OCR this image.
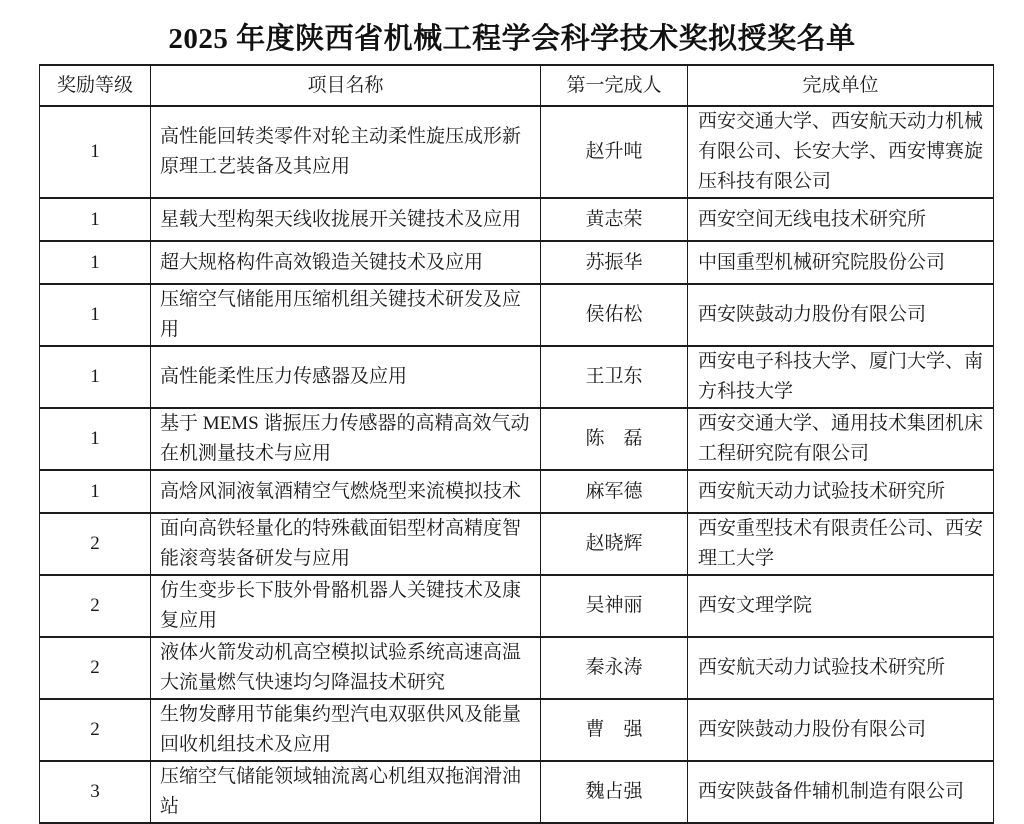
2025 年度陕西省机械工程学会科学技术奖拟授奖名单
奖励等级	项目名称	第一完成人	完成单位
1	高性能回转类零件对轮主动柔性旋压成形新原理工艺装备及其应用	赵升吨	西安交通大学、西安航天动力机械有限公司、长安大学、西安博赛旋压科技有限公司
1	星载大型构架天线收拢展开关键技术及应用	黄志荣	西安空间无线电技术研究所
1	超大规格构件高效锻造关键技术及应用	苏振华	中国重型机械研究院股份公司
1	压缩空气储能用压缩机组关键技术研发及应用	侯佑松	西安陕鼓动力股份有限公司
1	高性能柔性压力传感器及应用	王卫东	西安电子科技大学、厦门大学、南方科技大学
1	基于 MEMS 谐振压力传感器的高精高效气动在机测量技术与应用	陈　磊	西安交通大学、通用技术集团机床工程研究院有限公司
1	高焓风洞液氧酒精空气燃烧型来流模拟技术	麻军德	西安航天动力试验技术研究所
2	面向高铁轻量化的特殊截面铝型材高精度智能滚弯装备研发与应用	赵晓辉	西安重型技术有限责任公司、西安理工大学
2	仿生变步长下肢外骨骼机器人关键技术及康复应用	吴神丽	西安文理学院
2	液体火箭发动机高空模拟试验系统高速高温大流量燃气快速均匀降温技术研究	秦永涛	西安航天动力试验技术研究所
2	生物发酵用节能集约型汽电双驱供风及能量回收机组技术及应用	曹　强	西安陕鼓动力股份有限公司
3	压缩空气储能领域轴流离心机组双拖润滑油站	魏占强	西安陕鼓备件辅机制造有限公司
